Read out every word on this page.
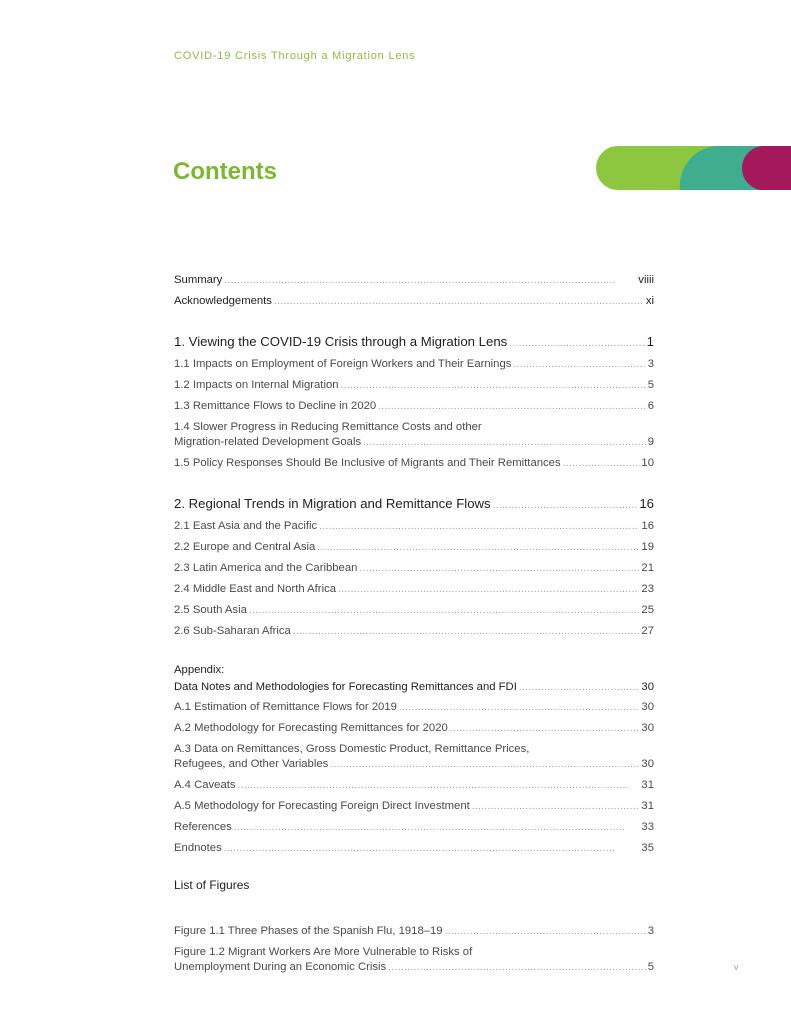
COVID-19 Crisis Through a Migration Lens
Contents
Summary . . .	viiii
Acknowledgements . . .	xi
1. Viewing the COVID-19 Crisis through a Migration Lens . . .	1
1.1 Impacts on Employment of Foreign Workers and Their Earnings . . .	3
1.2 Impacts on Internal Migration . . .	5
1.3 Remittance Flows to Decline in 2020 . . .	6
1.4 Slower Progress in Reducing Remittance Costs and other
Migration-related Development Goals . . .	9
1.5 Policy Responses Should Be Inclusive of Migrants and Their Remittances . . .	10
2. Regional Trends in Migration and Remittance Flows . . .	16
2.1 East Asia and the Pacific . . .	16
2.2 Europe and Central Asia . . .	19
2.3 Latin America and the Caribbean . . .	21
2.4 Middle East and North Africa . . .	23
2.5 South Asia . . .	25
2.6 Sub-Saharan Africa . . .	27
Appendix:
Data Notes and Methodologies for Forecasting Remittances and FDI . . .	30
A.1 Estimation of Remittance Flows for 2019 . . .	30
A.2 Methodology for Forecasting Remittances for 2020 . . .	30
A.3 Data on Remittances, Gross Domestic Product, Remittance Prices,
Refugees, and Other Variables . . .	30
A.4 Caveats . . .	31
A.5 Methodology for Forecasting Foreign Direct Investment . . .	31
References . . .	33
Endnotes . . .	35
List of Figures
Figure 1.1 Three Phases of the Spanish Flu, 1918–19 . . .	3
Figure 1.2 Migrant Workers Are More Vulnerable to Risks of
Unemployment During an Economic Crisis . . .	5	v
